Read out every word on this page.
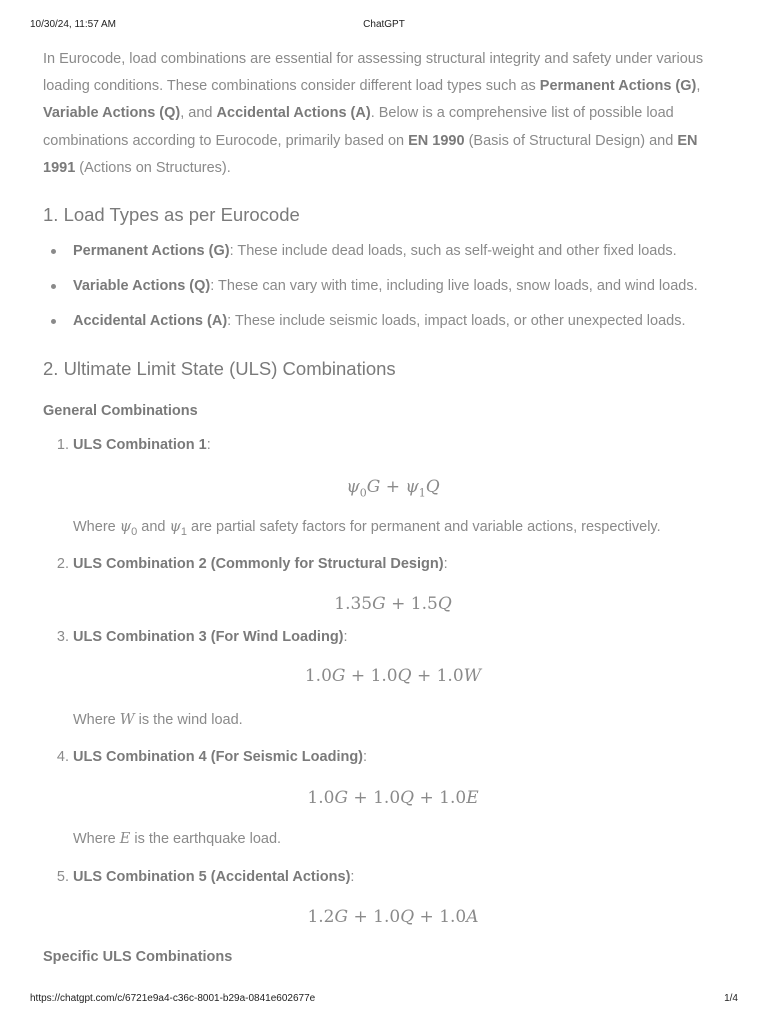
10/30/24, 11:57 AM	ChatGPT

In Eurocode, load combinations are essential for assessing structural integrity and safety under various loading conditions. These combinations consider different load types such as Permanent Actions (G), Variable Actions (Q), and Accidental Actions (A). Below is a comprehensive list of possible load combinations according to Eurocode, primarily based on EN 1990 (Basis of Structural Design) and EN 1991 (Actions on Structures).

1. Load Types as per Eurocode
Permanent Actions (G): These include dead loads, such as self-weight and other fixed loads.
Variable Actions (Q): These can vary with time, including live loads, snow loads, and wind loads.
Accidental Actions (A): These include seismic loads, impact loads, or other unexpected loads.
2. Ultimate Limit State (ULS) Combinations
General Combinations
1. ULS Combination 1:
$\psi_0G + \psi_1Q$
Where $\psi_0$ and $\psi_1$ are partial safety factors for permanent and variable actions, respectively.
2. ULS Combination 2 (Commonly for Structural Design):
1.35G + 1.5Q
3. ULS Combination 3 (For Wind Loading):
1.0G + 1.0Q + 1.0W
Where W is the wind load.
4. ULS Combination 4 (For Seismic Loading):
1.0G + 1.0Q + 1.0E
Where E is the earthquake load.
5. ULS Combination 5 (Accidental Actions):
1.2G + 1.0Q + 1.0A
Specific ULS Combinations
https://chatgpt.com/c/6721e9a4-c36c-8001-b29a-0841e602677e	1/4
